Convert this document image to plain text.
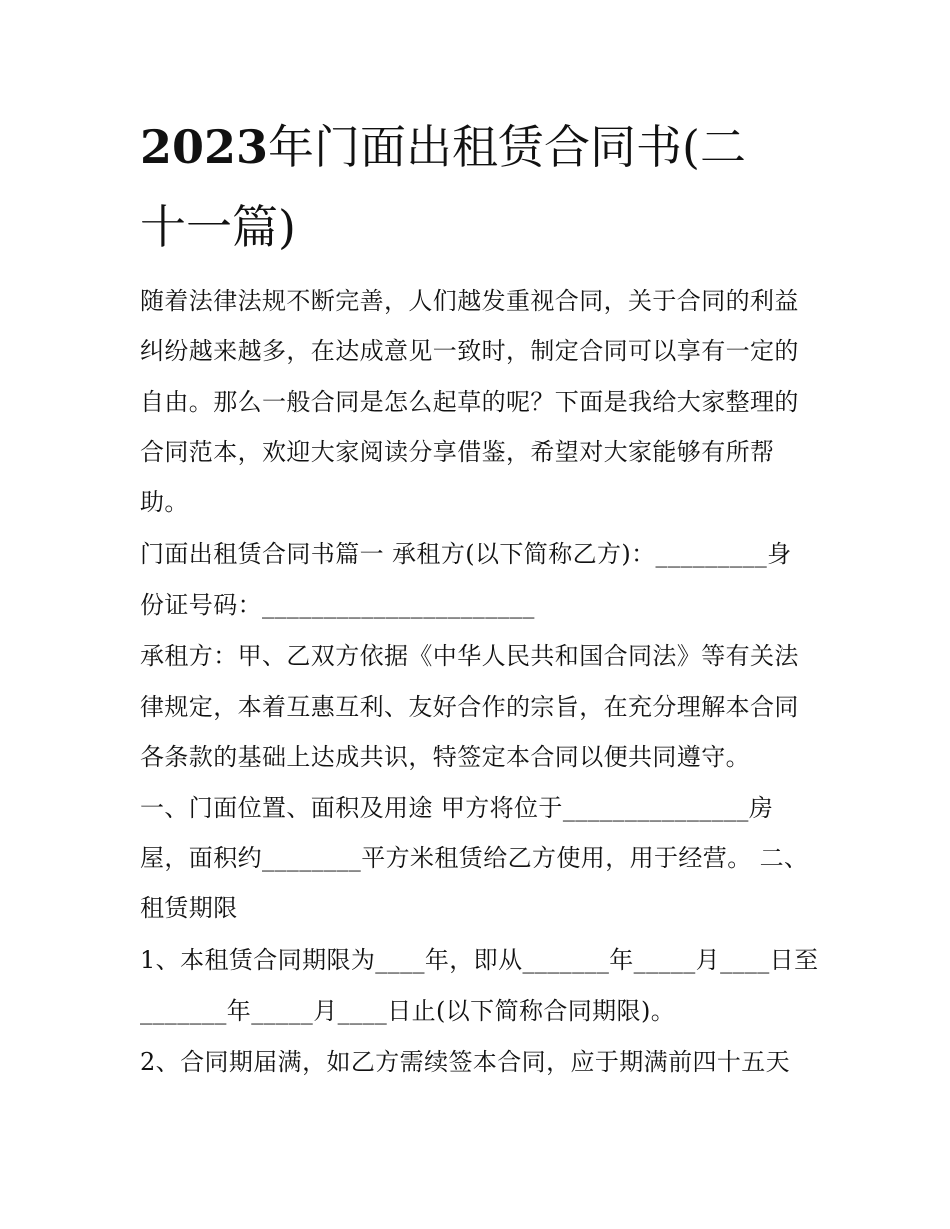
2023年门面出租赁合同书(二
十一篇)

随着法律法规不断完善，人们越发重视合同，关于合同的利益

纠纷越来越多，在达成意见一致时，制定合同可以享有一定的

自由。那么一般合同是怎么起草的呢？下面是我给大家整理的

合同范本，欢迎大家阅读分享借鉴，希望对大家能够有所帮

助。

门面出租赁合同书篇一 承租方(以下简称乙方)：_________身

份证号码：______________________

承租方：甲、乙双方依据《中华人民共和国合同法》等有关法

律规定，本着互惠互利、友好合作的宗旨，在充分理解本合同

各条款的基础上达成共识，特签定本合同以便共同遵守。

一、门面位置、面积及用途 甲方将位于_______________房

屋，面积约________平方米租赁给乙方使用，用于经营。 二、

租赁期限

1、本租赁合同期限为____年，即从_______年_____月____日至

_______年_____月____日止(以下简称合同期限)。

2、合同期届满，如乙方需续签本合同，应于期满前四十五天
